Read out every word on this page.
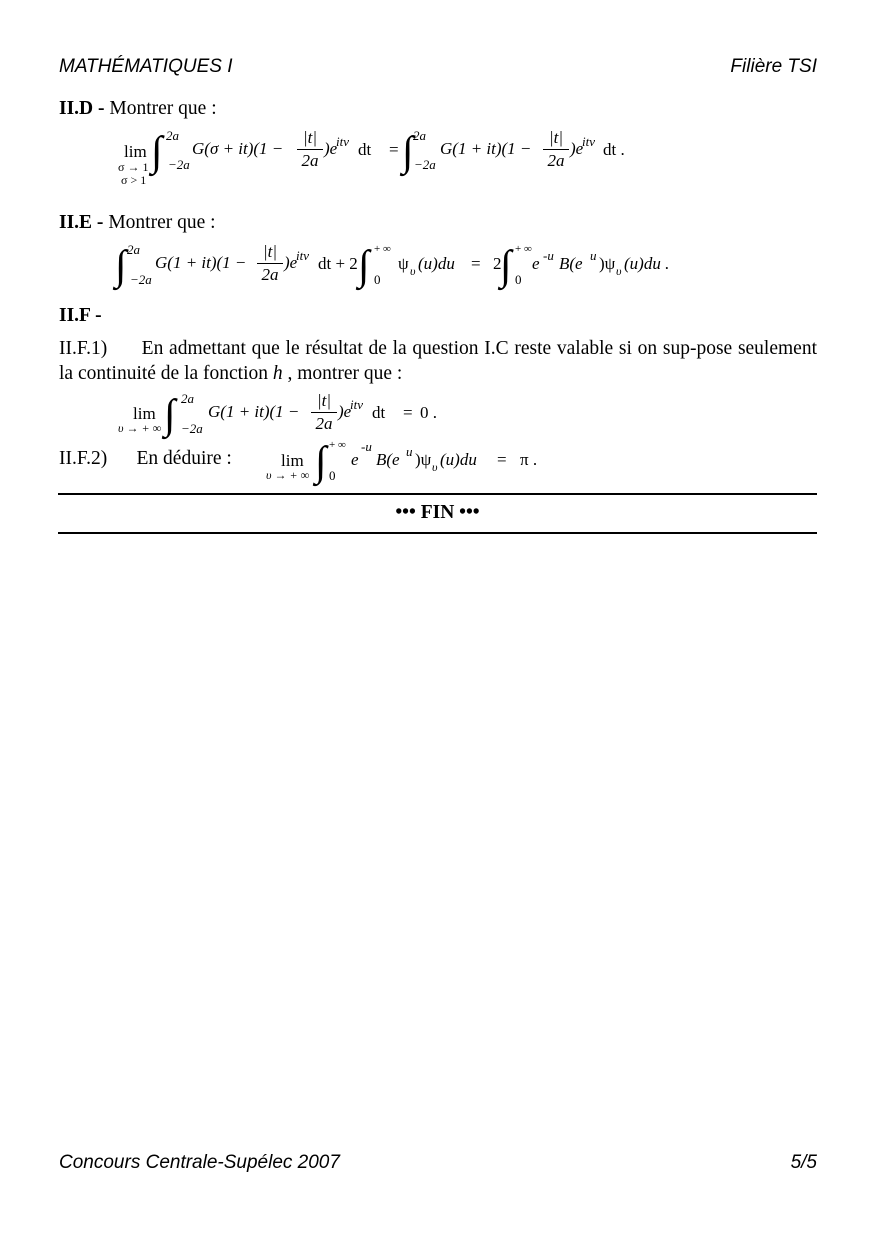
MATHÉMATIQUES I	Filière TSI
II.D - Montrer que :
lim
σ → 1
σ > 1
∫ 2a
−2a
G(σ + it)(1 −
|t|
2a
)e
itv dt = ∫ 2a
−2a
G(1 + it)(1 −
|t|
2a
)e
itv dt .
II.E - Montrer que :
∫ 2a
−2a
G(1 + it)(1 −
|t|
2a
)e
itv dt + 2 ∫ + ∞
0
ψ υ (u)du = 2
∫ + ∞
0
e -u B(e u )ψ υ (u)du .
II.F -
II.F.1) En admettant que le résultat de la question I.C reste valable si on sup-pose seulement la continuité de la fonction h , montrer que :
lim
υ → + ∞ ∫ 2a
−2a
G(1 + it)(1 −
|t|
2a
)e
itv dt = 0 .
II.F.2) En déduire :	lim
υ → + ∞ ∫ + ∞
0
e
-u
B(e u )ψ υ (u)du = π .
••• FIN •••
Concours Centrale-Supélec 2007	5/5
